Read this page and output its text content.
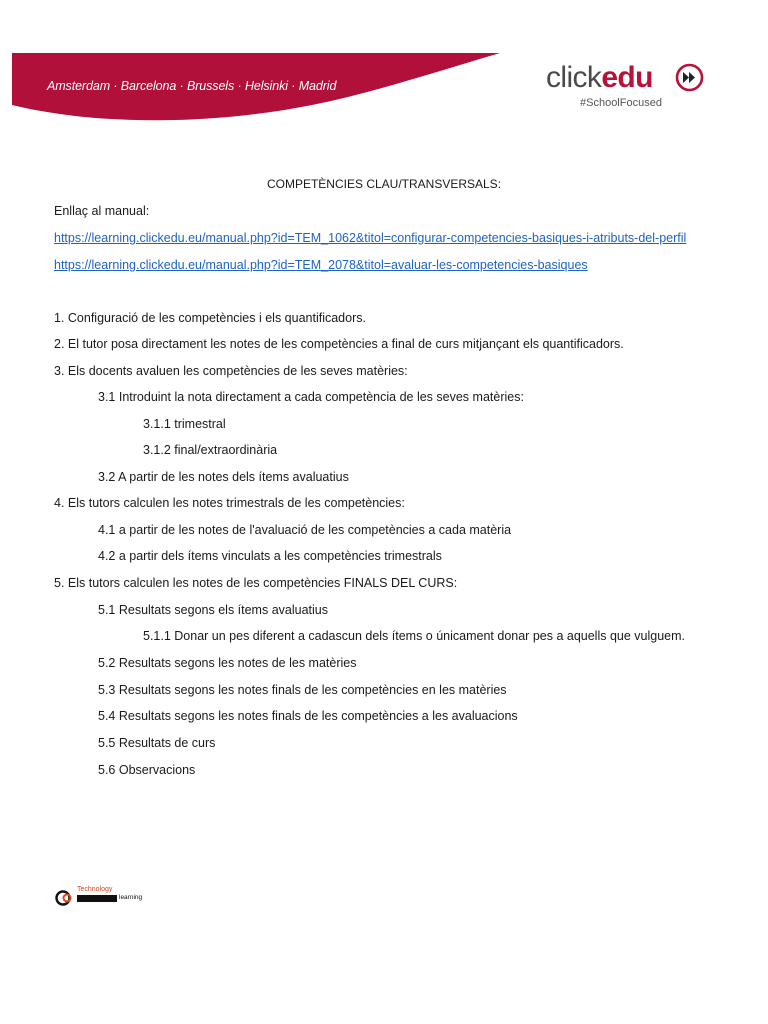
Amsterdam · Barcelona · Brussels · Helsinki · Madrid	clickedu
#SchoolFocused
COMPETÈNCIES CLAU/TRANSVERSALS:
Enllaç al manual:
https://learning.clickedu.eu/manual.php?id=TEM_1062&titol=configurar-competencies-basiques-i-atributs-del-perfil
https://learning.clickedu.eu/manual.php?id=TEM_2078&titol=avaluar-les-competencies-basiques
1. Configuració de les competències i els quantificadors.
2. El tutor posa directament les notes de les competències a final de curs mitjançant els quantificadors.
3. Els docents avaluen les competències de les seves matèries:
3.1 Introduint la nota directament a cada competència de les seves matèries:
3.1.1 trimestral
3.1.2 final/extraordinària
3.2 A partir de les notes dels ítems avaluatius
4. Els tutors calculen les notes trimestrals de les competències:
4.1 a partir de les notes de l'avaluació de les competències a cada matèria
4.2 a partir dels ítems vinculats a les competències trimestrals
5. Els tutors calculen les notes de les competències FINALS DEL CURS:
5.1 Resultats segons els ítems avaluatius
5.1.1 Donar un pes diferent a cadascun dels ítems o únicament donar pes a aquells que vulguem.
5.2 Resultats segons les notes de les matèries
5.3 Resultats segons les notes finals de les competències en les matèries
5.4 Resultats segons les notes finals de les competències a les avaluacions
5.5 Resultats de curs
5.6 Observacions
Technology
learning
